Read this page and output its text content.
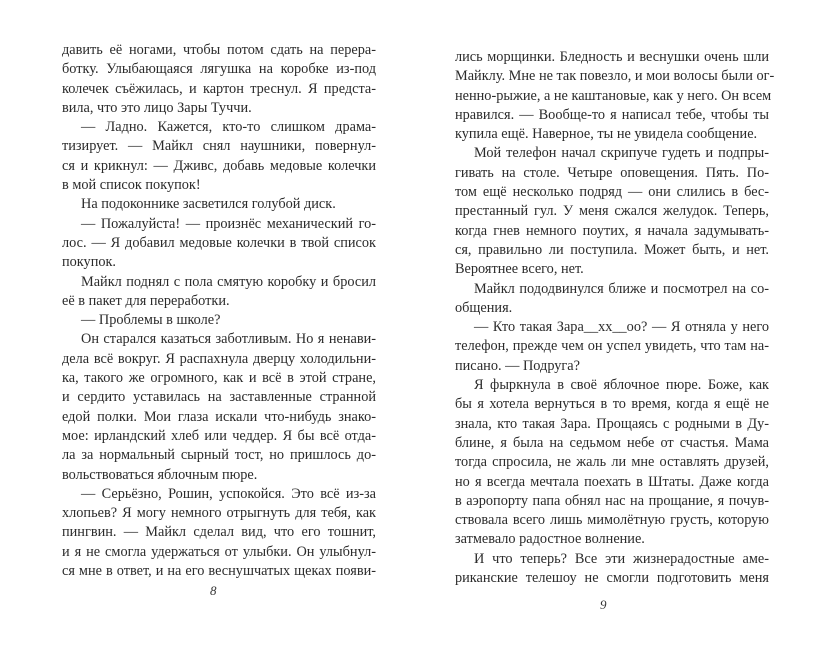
давить её ногами, чтобы потом сдать на перера-
ботку. Улыбающаяся лягушка на коробке из-под
колечек съёжилась, и картон треснул. Я предста-
вила, что это лицо Зары Туччи.
— Ладно. Кажется, кто-то слишком драма-
тизирует. — Майкл снял наушники, повернул-
ся и крикнул: — Дживс, добавь медовые колечки
в мой список покупок!
На подоконнике засветился голубой диск.
— Пожалуйста! — произнёс механический го-
лос. — Я добавил медовые колечки в твой список
покупок.
Майкл поднял с пола смятую коробку и бросил
её в пакет для переработки.
— Проблемы в школе?
Он старался казаться заботливым. Но я ненави-
дела всё вокруг. Я распахнула дверцу холодильни-
ка, такого же огромного, как и всё в этой стране,
и сердито уставилась на заставленные странной
едой полки. Мои глаза искали что-нибудь знако-
мое: ирландский хлеб или чеддер. Я бы всё отда-
ла за нормальный сырный тост, но пришлось до-
вольствоваться яблочным пюре.
— Серьёзно, Рошин, успокойся. Это всё из-за
хлопьев? Я могу немного отрыгнуть для тебя, как
пингвин. — Майкл сделал вид, что его тошнит,
и я не смогла удержаться от улыбки. Он улыбнул-
ся мне в ответ, и на его веснушчатых щеках появи-
лись морщинки. Бледность и веснушки очень шли
Майклу. Мне не так повезло, и мои волосы были ог-
ненно-рыжие, а не каштановые, как у него. Он всем
нравился. — Вообще-то я написал тебе, чтобы ты
купила ещё. Наверное, ты не увидела сообщение.
Мой телефон начал скрипуче гудеть и подпры-
гивать на столе. Четыре оповещения. Пять. По-
том ещё несколько подряд — они слились в бес-
престанный гул. У меня сжался желудок. Теперь,
когда гнев немного поутих, я начала задумывать-
ся, правильно ли поступила. Может быть, и нет.
Вероятнее всего, нет.
Майкл пододвинулся ближе и посмотрел на со-
общения.
— Кто такая Зара__xx__oo? — Я отняла у него
телефон, прежде чем он успел увидеть, что там на-
писано. — Подруга?
Я фыркнула в своё яблочное пюре. Боже, как
бы я хотела вернуться в то время, когда я ещё не
знала, кто такая Зара. Прощаясь с родными в Ду-
блине, я была на седьмом небе от счастья. Мама
тогда спросила, не жаль ли мне оставлять друзей,
но я всегда мечтала поехать в Штаты. Даже когда
в аэропорту папа обнял нас на прощание, я почув-
ствовала всего лишь мимолётную грусть, которую
затмевало радостное волнение.
И что теперь? Все эти жизнерадостные аме-
риканские телешоу не смогли подготовить меня
8
9
